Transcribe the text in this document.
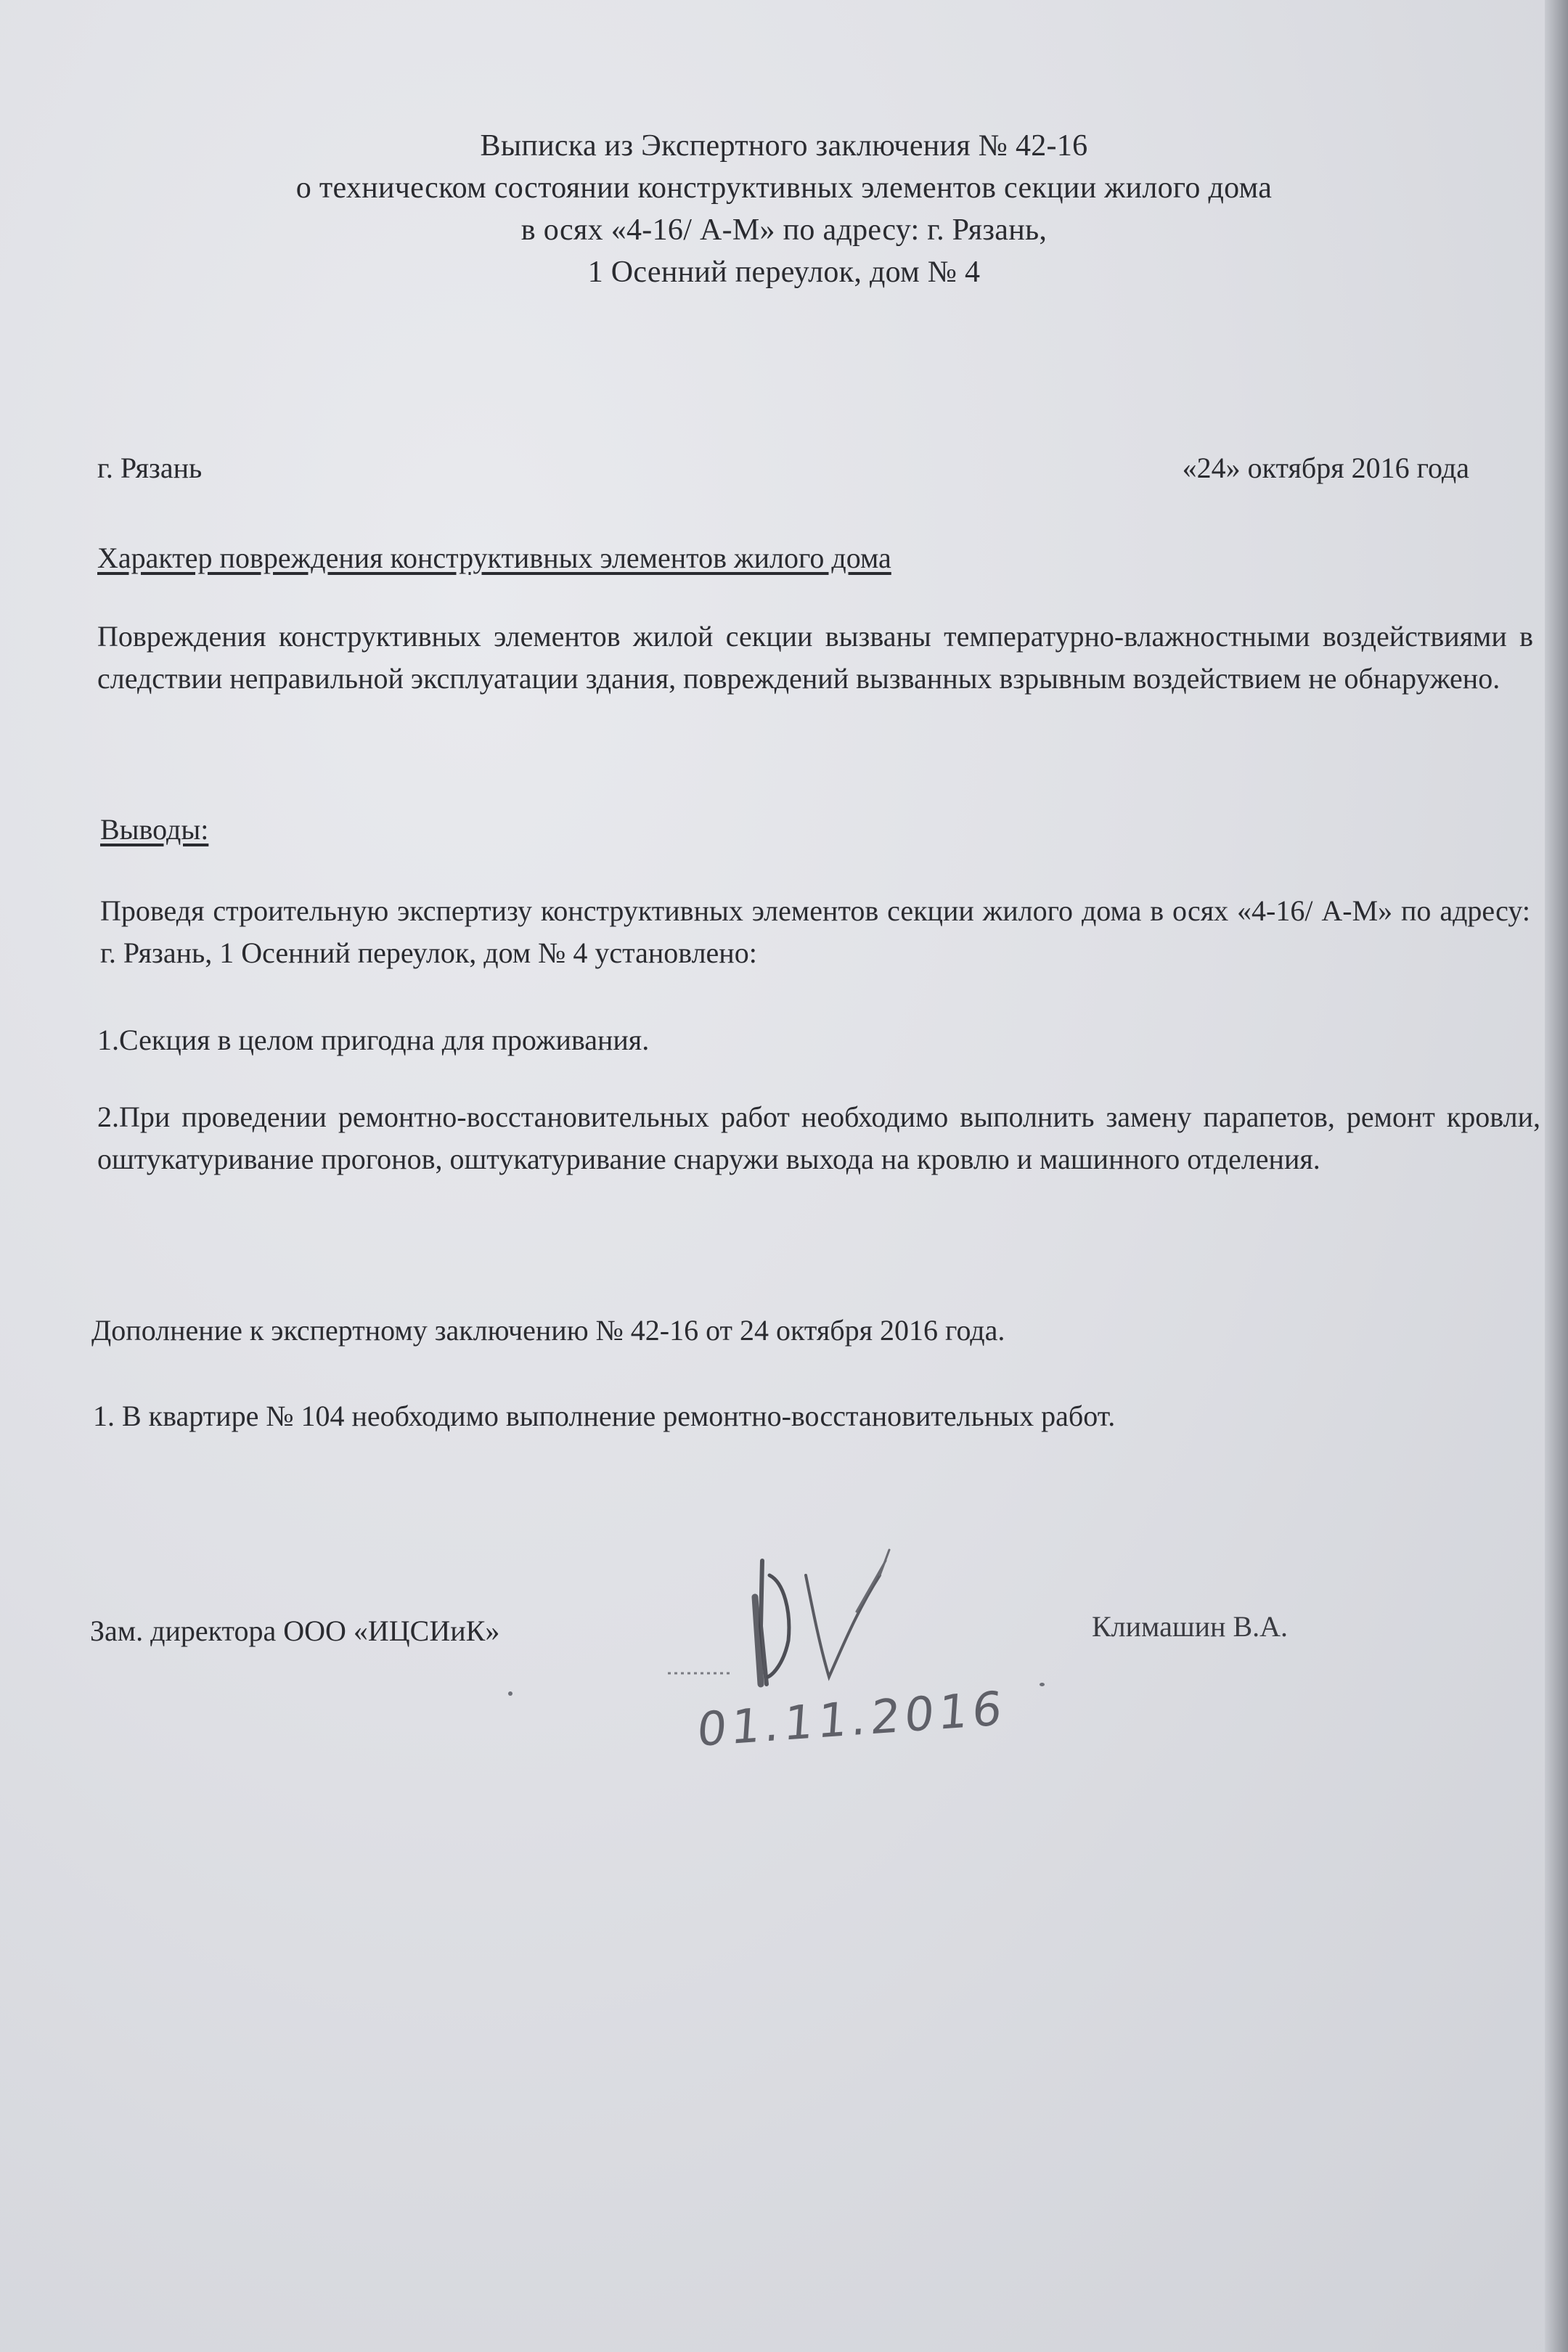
Выписка из Экспертного заключения № 42-16
о техническом состоянии конструктивных элементов секции жилого дома
в осях «4-16/ А-М» по адресу: г. Рязань,
1 Осенний переулок, дом № 4
г. Рязань	«24» октября 2016 года
Характер повреждения конструктивных элементов жилого дома
Повреждения конструктивных элементов жилой секции вызваны температурно-влажностными воздействиями в следствии неправильной эксплуатации здания, повреждений вызванных взрывным воздействием не обнаружено.
Выводы:
Проведя строительную экспертизу конструктивных элементов секции жилого дома в осях «4-16/ А-М» по адресу: г. Рязань, 1 Осенний переулок, дом № 4 установлено:
1.Секция в целом пригодна для проживания.
2.При проведении ремонтно-восстановительных работ необходимо выполнить замену парапетов, ремонт кровли, оштукатуривание прогонов, оштукатуривание снаружи выхода на кровлю и машинного отделения.
Дополнение к экспертному заключению № 42-16 от 24 октября 2016 года.
1. В квартире № 104 необходимо выполнение ремонтно-восстановительных работ.
Зам. директора ООО «ИЦСИиК»	Климашин В.А.
01.11.2016
